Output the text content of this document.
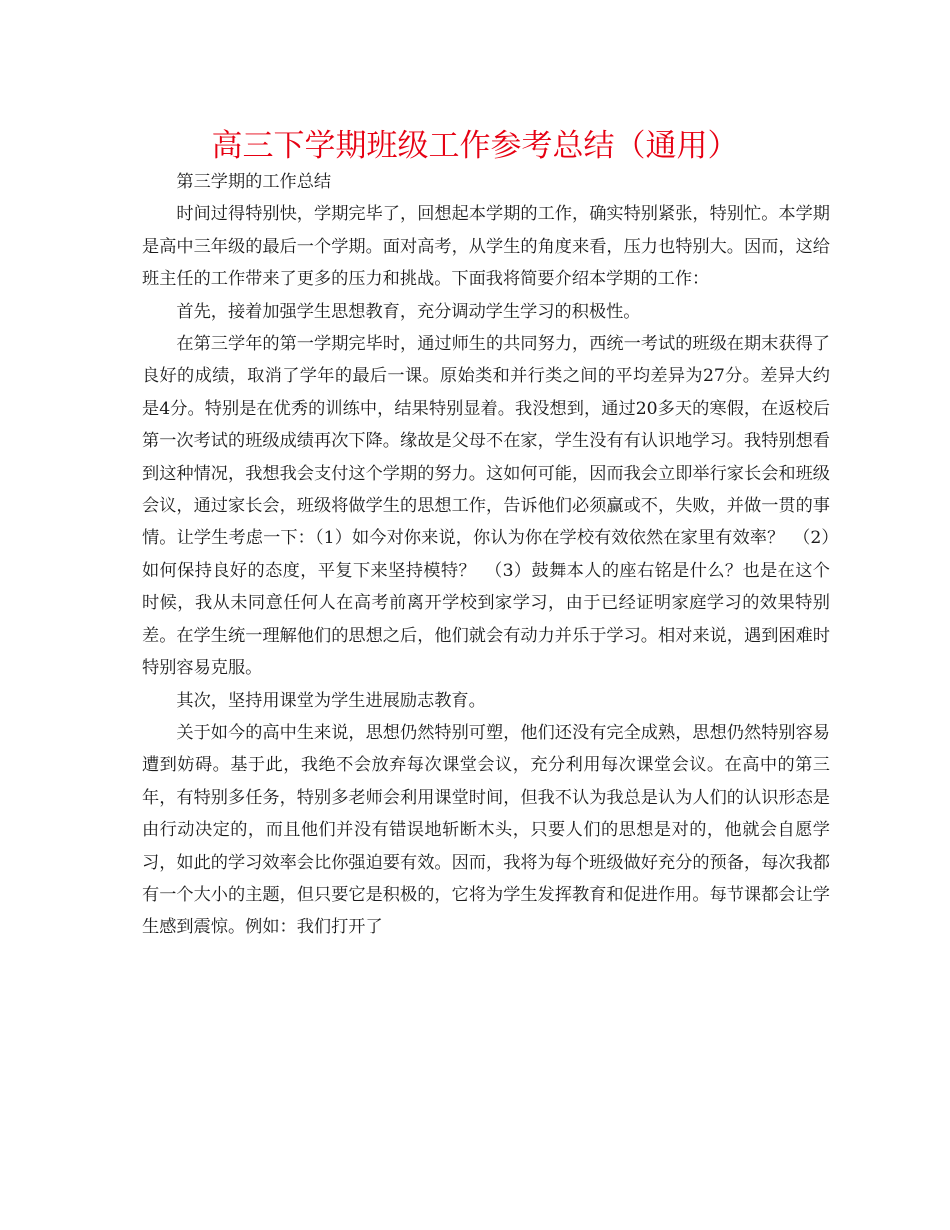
高三下学期班级工作参考总结（通用）

第三学期的工作总结

时间过得特别快，学期完毕了，回想起本学期的工作，确实特别紧张，特别忙。本学期是高中三年级的最后一个学期。面对高考，从学生的角度来看，压力也特别大。因而，这给班主任的工作带来了更多的压力和挑战。下面我将简要介绍本学期的工作：

首先，接着加强学生思想教育，充分调动学生学习的积极性。

在第三学年的第一学期完毕时，通过师生的共同努力，西统一考试的班级在期末获得了良好的成绩，取消了学年的最后一课。原始类和并行类之间的平均差异为27分。差异大约是4分。特别是在优秀的训练中，结果特别显着。我没想到，通过20多天的寒假，在返校后第一次考试的班级成绩再次下降。缘故是父母不在家，学生没有有认识地学习。我特别想看到这种情况，我想我会支付这个学期的努力。这如何可能，因而我会立即举行家长会和班级会议，通过家长会，班级将做学生的思想工作，告诉他们必须赢或不，失败，并做一贯的事情。让学生考虑一下：（1）如今对你来说，你认为你在学校有效依然在家里有效率？　（2）如何保持良好的态度，平复下来坚持模特？　（3）鼓舞本人的座右铭是什么？也是在这个时候，我从未同意任何人在高考前离开学校到家学习，由于已经证明家庭学习的效果特别差。在学生统一理解他们的思想之后，他们就会有动力并乐于学习。相对来说，遇到困难时特别容易克服。

其次，坚持用课堂为学生进展励志教育。

关于如今的高中生来说，思想仍然特别可塑，他们还没有完全成熟，思想仍然特别容易遭到妨碍。基于此，我绝不会放弃每次课堂会议，充分利用每次课堂会议。在高中的第三年，有特别多任务，特别多老师会利用课堂时间，但我不认为我总是认为人们的认识形态是由行动决定的，而且他们并没有错误地斩断木头，只要人们的思想是对的，他就会自愿学习，如此的学习效率会比你强迫要有效。因而，我将为每个班级做好充分的预备，每次我都有一个大小的主题，但只要它是积极的，它将为学生发挥教育和促进作用。每节课都会让学生感到震惊。例如：我们打开了
